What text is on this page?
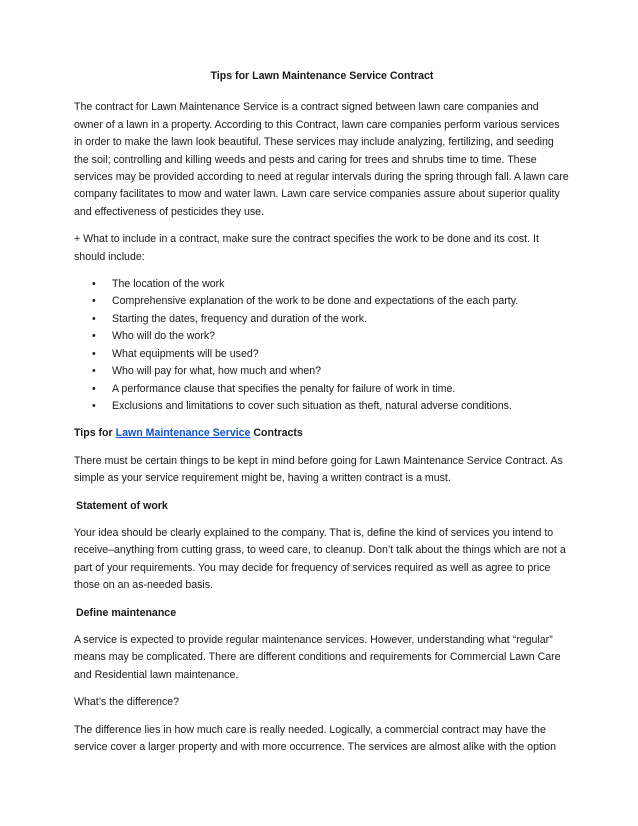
Tips for Lawn Maintenance Service Contract

The contract for Lawn Maintenance Service is a contract signed between lawn care companies and owner of a lawn in a property. According to this Contract, lawn care companies perform various services in order to make the lawn look beautiful. These services may include analyzing, fertilizing, and seeding the soil; controlling and killing weeds and pests and caring for trees and shrubs time to time. These services may be provided according to need at regular intervals during the spring through fall. A lawn care company facilitates to mow and water lawn. Lawn care service companies assure about superior quality and effectiveness of pesticides they use.

+ What to include in a contract, make sure the contract specifies the work to be done and its cost. It should include:

• The location of the work
• Comprehensive explanation of the work to be done and expectations of the each party.
• Starting the dates, frequency and duration of the work.
• Who will do the work?
• What equipments will be used?
• Who will pay for what, how much and when?
• A performance clause that specifies the penalty for failure of work in time.
• Exclusions and limitations to cover such situation as theft, natural adverse conditions.
Tips for Lawn Maintenance Service Contracts

There must be certain things to be kept in mind before going for Lawn Maintenance Service Contract. As simple as your service requirement might be, having a written contract is a must.

Statement of work

Your idea should be clearly explained to the company. That is, define the kind of services you intend to receive–anything from cutting grass, to weed care, to cleanup. Don’t talk about the things which are not a part of your requirements. You may decide for frequency of services required as well as agree to price those on an as-needed basis.

Define maintenance

A service is expected to provide regular maintenance services. However, understanding what “regular” means may be complicated. There are different conditions and requirements for Commercial Lawn Care and Residential lawn maintenance.

What’s the difference?

The difference lies in how much care is really needed. Logically, a commercial contract may have the service cover a larger property and with more occurrence. The services are almost alike with the option
